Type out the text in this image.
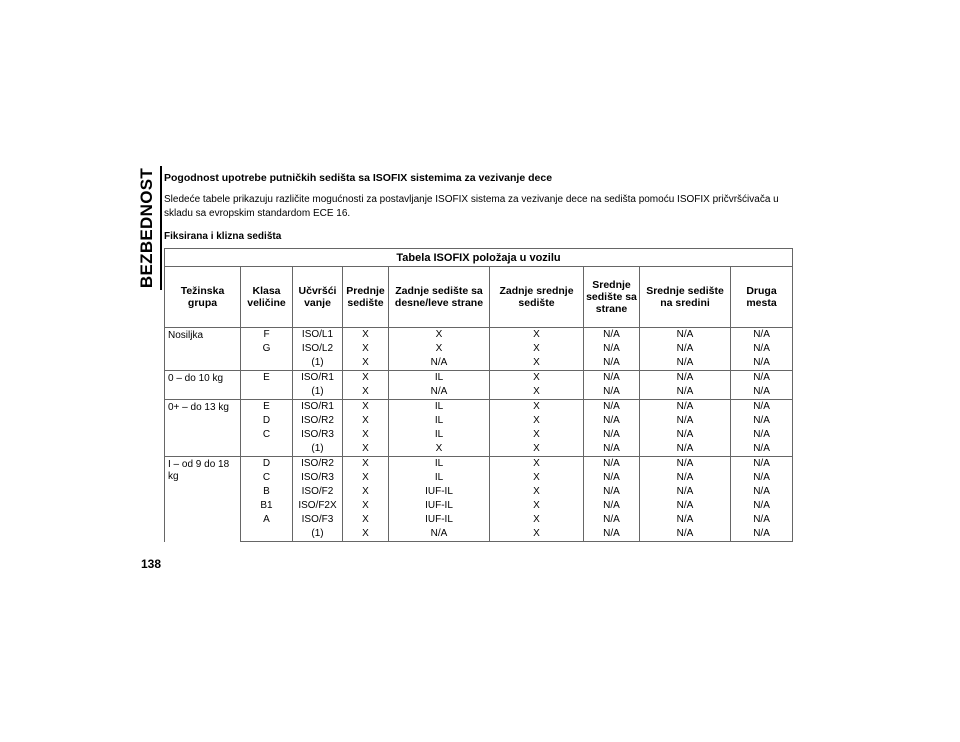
BEZBEDNOST Pogodnost upotrebe putničkih sedišta sa ISOFIX sistemima za vezivanje dece
Sledeće tabele prikazuju različite mogućnosti za postavljanje ISOFIX sistema za vezivanje dece na sedišta pomoću ISOFIX pričvršćivača u skladu sa evropskim standardom ECE 16.
Fiksirana i klizna sedišta
Tabela ISOFIX položaja u vozilu								
Težinska grupa	Klasa veličine	Učvršći vanje	Prednje sedište	Zadnje sedište sa desne/leve strane	Zadnje srednje sedište	Srednje sedište sa strane	Srednje sedište na sredini	Druga mesta
Nosiljka	F	ISO/L1	X	X	X	N/A	N/A	N/A
	G	ISO/L2	X	X	X	N/A	N/A	N/A
		(1)	X	N/A	X	N/A	N/A	N/A
0 – do 10 kg	E	ISO/R1	X	IL	X	N/A	N/A	N/A
		(1)	X	N/A	X	N/A	N/A	N/A
0+ – do 13 kg	E	ISO/R1	X	IL	X	N/A	N/A	N/A
	D	ISO/R2	X	IL	X	N/A	N/A	N/A
	C	ISO/R3	X	IL	X	N/A	N/A	N/A
		(1)	X	X	X	N/A	N/A	N/A
I – od 9 do 18 kg	D	ISO/R2	X	IL	X	N/A	N/A	N/A
	C	ISO/R3	X	IL	X	N/A	N/A	N/A
	B	ISO/F2	X	IUF-IL	X	N/A	N/A	N/A
	B1	ISO/F2X	X	IUF-IL	X	N/A	N/A	N/A
	A	ISO/F3	X	IUF-IL	X	N/A	N/A	N/A
		(1)	X	N/A	X	N/A	N/A	N/A
138
